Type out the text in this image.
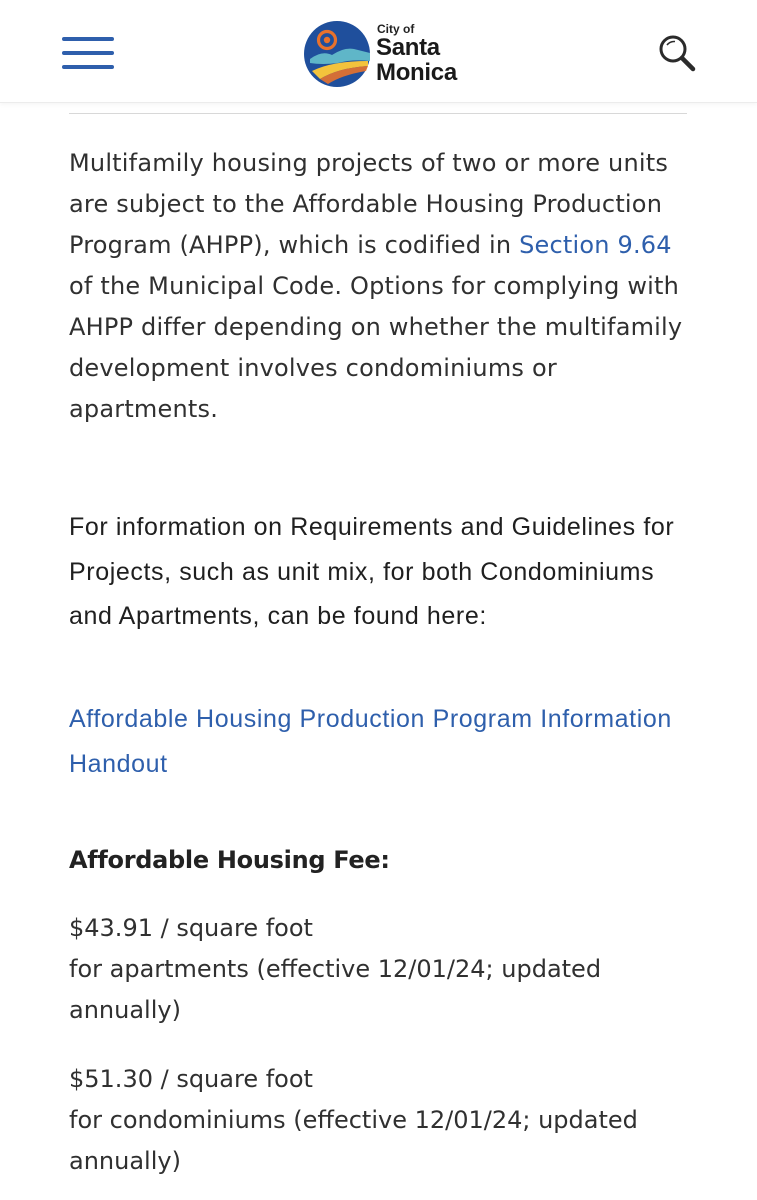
City of
Santa
Monica

Multifamily housing projects of two or more units are subject to the Affordable Housing Production Program (AHPP), which is codified in Section 9.64 of the Municipal Code. Options for complying with AHPP differ depending on whether the multifamily development involves condominiums or apartments.

For information on Requirements and Guidelines for Projects, such as unit mix, for both Condominiums and Apartments, can be found here:

Affordable Housing Production Program Information Handout

Affordable Housing Fee:

$43.91 / square foot
for apartments (effective 12/01/24; updated annually)

$51.30 / square foot
for condominiums (effective 12/01/24; updated annually)
